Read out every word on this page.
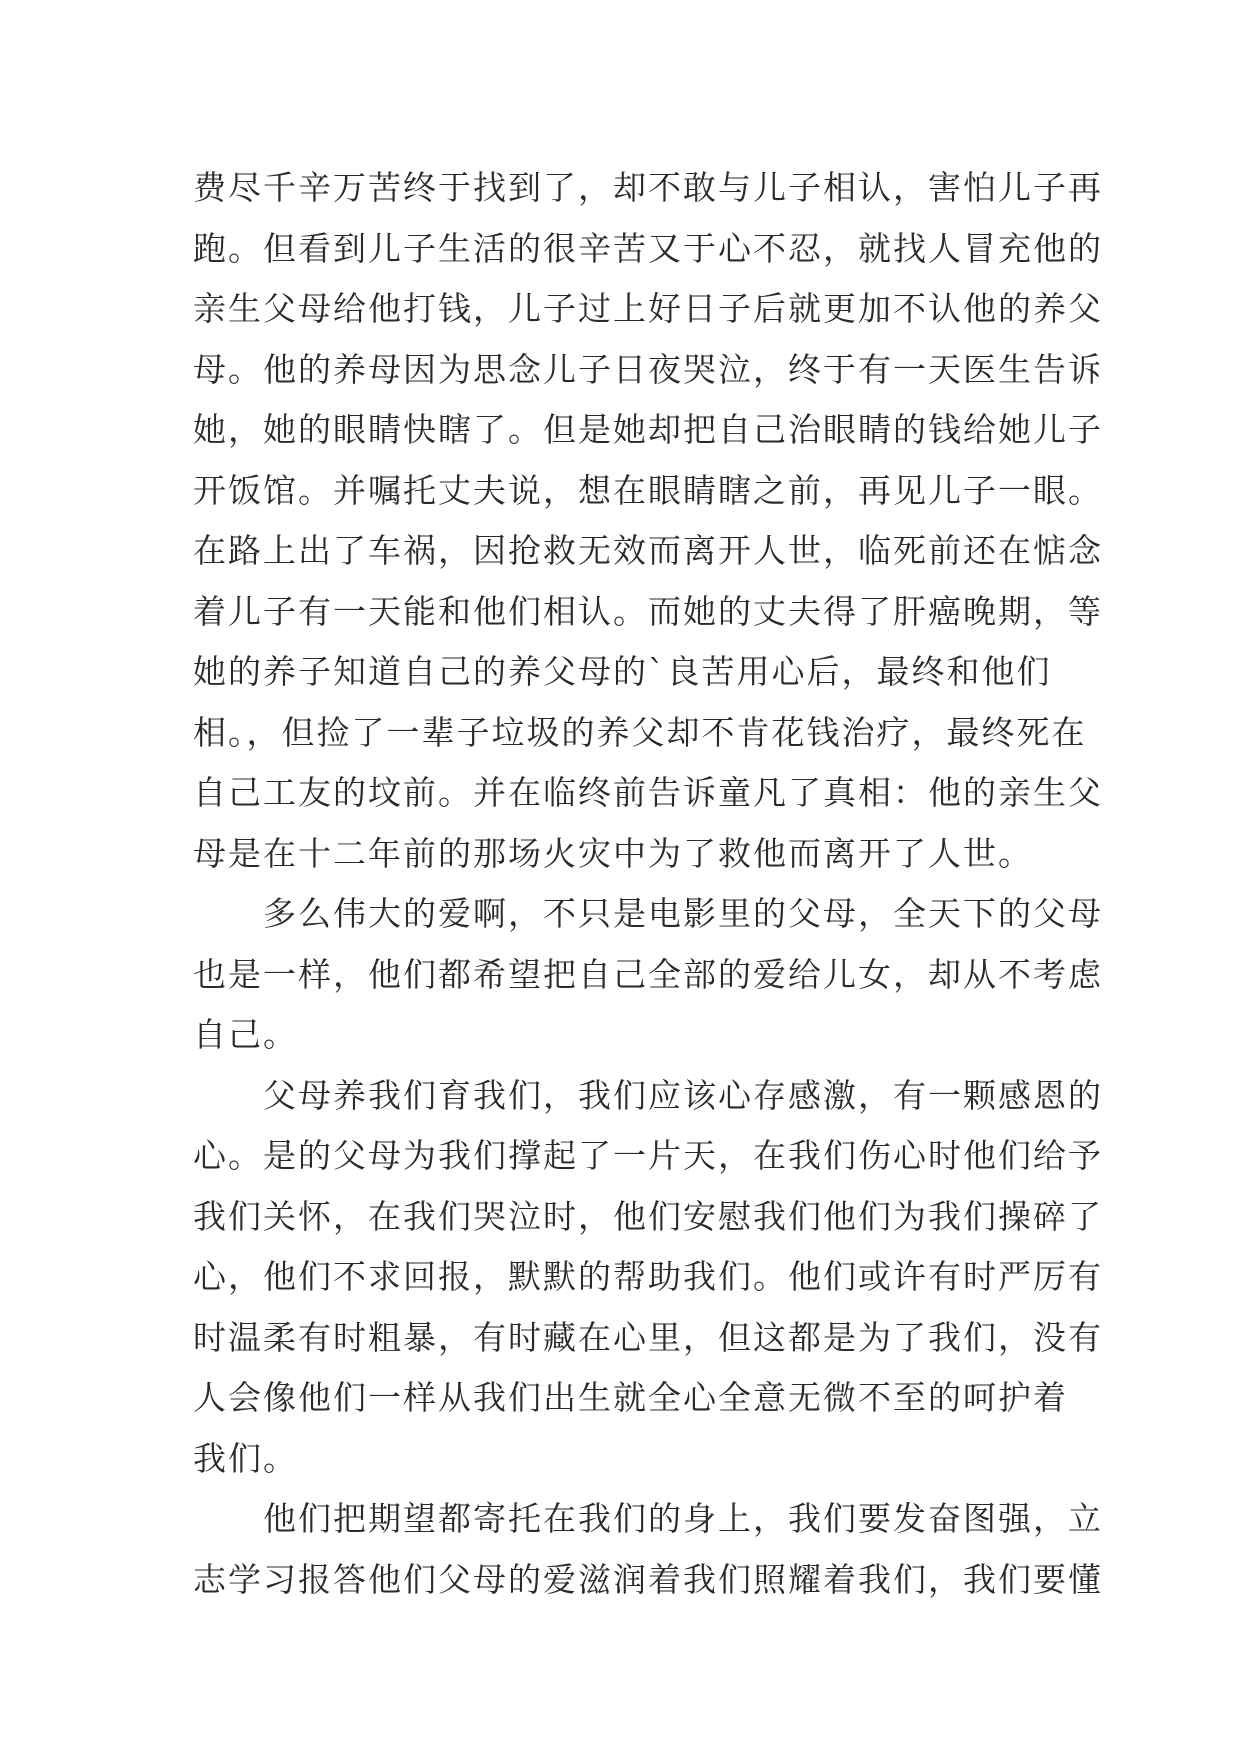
费尽千辛万苦终于找到了，却不敢与儿子相认，害怕儿子再
跑。但看到儿子生活的很辛苦又于心不忍，就找人冒充他的
亲生父母给他打钱，儿子过上好日子后就更加不认他的养父
母。他的养母因为思念儿子日夜哭泣，终于有一天医生告诉
她，她的眼睛快瞎了。但是她却把自己治眼睛的钱给她儿子
开饭馆。并嘱托丈夫说，想在眼睛瞎之前，再见儿子一眼。
在路上出了车祸，因抢救无效而离开人世，临死前还在惦念
着儿子有一天能和他们相认。而她的丈夫得了肝癌晚期，等
她的养子知道自己的养父母的`良苦用心后，最终和他们
相。，但捡了一辈子垃圾的养父却不肯花钱治疗，最终死在
自己工友的坟前。并在临终前告诉童凡了真相：他的亲生父
母是在十二年前的那场火灾中为了救他而离开了人世。
　　多么伟大的爱啊，不只是电影里的父母，全天下的父母
也是一样，他们都希望把自己全部的爱给儿女，却从不考虑
自己。
　　父母养我们育我们，我们应该心存感激，有一颗感恩的
心。是的父母为我们撑起了一片天，在我们伤心时他们给予
我们关怀，在我们哭泣时，他们安慰我们他们为我们操碎了
心，他们不求回报，默默的帮助我们。他们或许有时严厉有
时温柔有时粗暴，有时藏在心里，但这都是为了我们，没有
人会像他们一样从我们出生就全心全意无微不至的呵护着
我们。
　　他们把期望都寄托在我们的身上，我们要发奋图强，立
志学习报答他们父母的爱滋润着我们照耀着我们，我们要懂
